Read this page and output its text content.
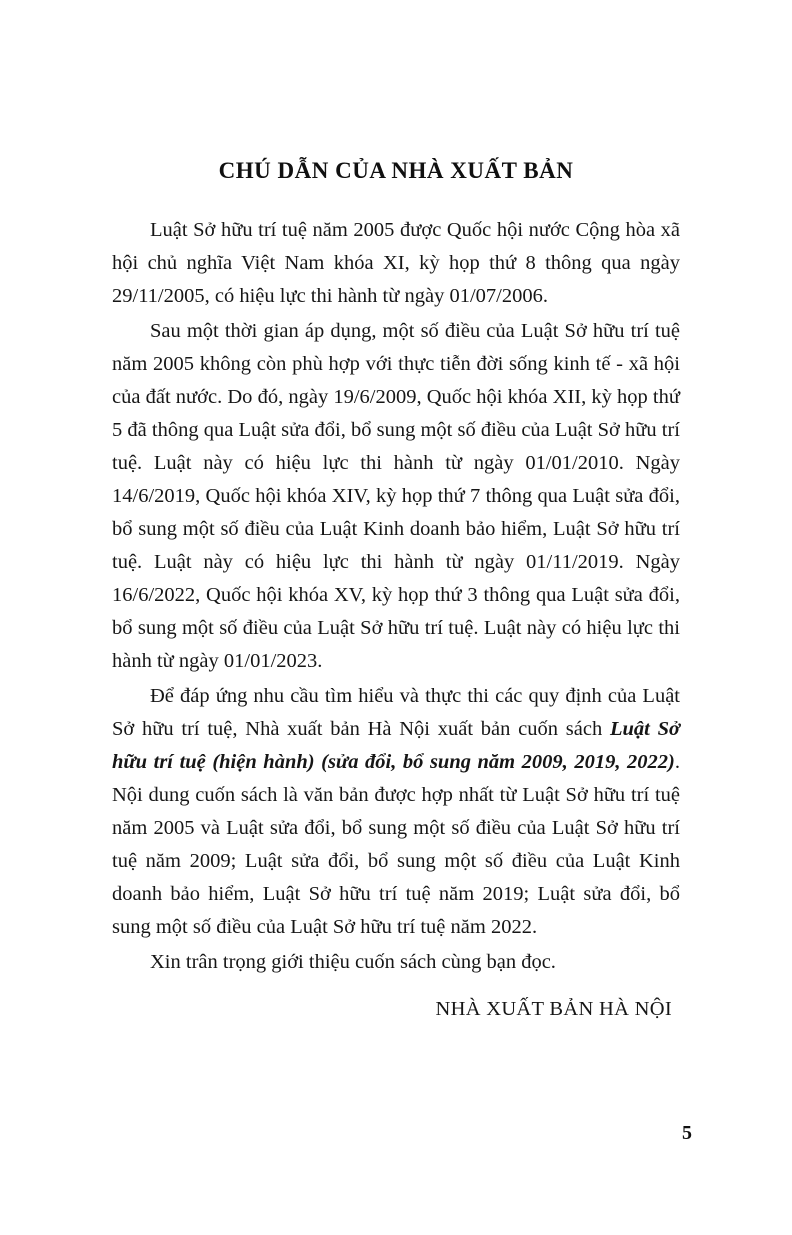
CHÚ DẪN CỦA NHÀ XUẤT BẢN

Luật Sở hữu trí tuệ năm 2005 được Quốc hội nước Cộng hòa xã hội chủ nghĩa Việt Nam khóa XI, kỳ họp thứ 8 thông qua ngày 29/11/2005, có hiệu lực thi hành từ ngày 01/07/2006.

Sau một thời gian áp dụng, một số điều của Luật Sở hữu trí tuệ năm 2005 không còn phù hợp với thực tiễn đời sống kinh tế - xã hội của đất nước. Do đó, ngày 19/6/2009, Quốc hội khóa XII, kỳ họp thứ 5 đã thông qua Luật sửa đổi, bổ sung một số điều của Luật Sở hữu trí tuệ. Luật này có hiệu lực thi hành từ ngày 01/01/2010. Ngày 14/6/2019, Quốc hội khóa XIV, kỳ họp thứ 7 thông qua Luật sửa đổi, bổ sung một số điều của Luật Kinh doanh bảo hiểm, Luật Sở hữu trí tuệ. Luật này có hiệu lực thi hành từ ngày 01/11/2019. Ngày 16/6/2022, Quốc hội khóa XV, kỳ họp thứ 3 thông qua Luật sửa đổi, bổ sung một số điều của Luật Sở hữu trí tuệ. Luật này có hiệu lực thi hành từ ngày 01/01/2023.

Để đáp ứng nhu cầu tìm hiểu và thực thi các quy định của Luật Sở hữu trí tuệ, Nhà xuất bản Hà Nội xuất bản cuốn sách Luật Sở hữu trí tuệ (hiện hành) (sửa đổi, bổ sung năm 2009, 2019, 2022). Nội dung cuốn sách là văn bản được hợp nhất từ Luật Sở hữu trí tuệ năm 2005 và Luật sửa đổi, bổ sung một số điều của Luật Sở hữu trí tuệ năm 2009; Luật sửa đổi, bổ sung một số điều của Luật Kinh doanh bảo hiểm, Luật Sở hữu trí tuệ năm 2019; Luật sửa đổi, bổ sung một số điều của Luật Sở hữu trí tuệ năm 2022.

Xin trân trọng giới thiệu cuốn sách cùng bạn đọc.

NHÀ XUẤT BẢN HÀ NỘI
5
